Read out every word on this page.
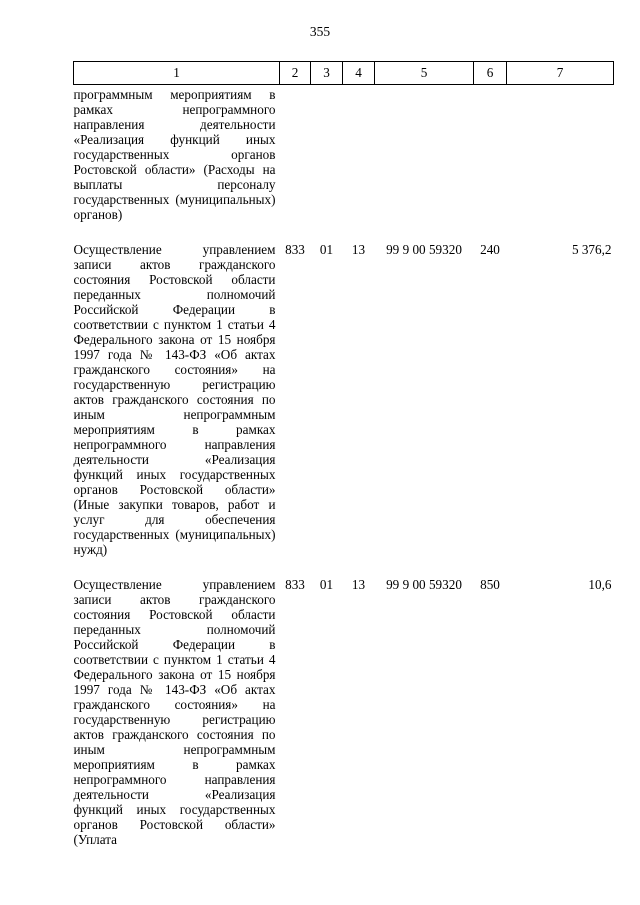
355
1	2	3	4	5	6	7
программным мероприятиям в рамках непрограммного направления деятельности «Реализация функций иных государственных органов Ростовской области» (Расходы на выплаты персоналу государственных (муниципальных) органов)						
Осуществление управлением записи актов гражданского состояния Ростовской области переданных полномочий Российской Федерации в соответствии с пунктом 1 статьи 4 Федерального закона от 15 ноября 1997 года № 143-ФЗ «Об актах гражданского состояния» на государственную регистрацию актов гражданского состояния по иным непрограммным мероприятиям в рамках непрограммного направления деятельности «Реализация функций иных государственных органов Ростовской области» (Иные закупки товаров, работ и услуг для обеспечения государственных (муниципальных) нужд)	833	01	13	99 9 00 59320	240	5 376,2
Осуществление управлением записи актов гражданского состояния Ростовской области переданных полномочий Российской Федерации в соответствии с пунктом 1 статьи 4 Федерального закона от 15 ноября 1997 года № 143-ФЗ «Об актах гражданского состояния» на государственную регистрацию актов гражданского состояния по иным непрограммным мероприятиям в рамках непрограммного направления деятельности «Реализация функций иных государственных органов Ростовской области» (Уплата	833	01	13	99 9 00 59320	850	10,6
